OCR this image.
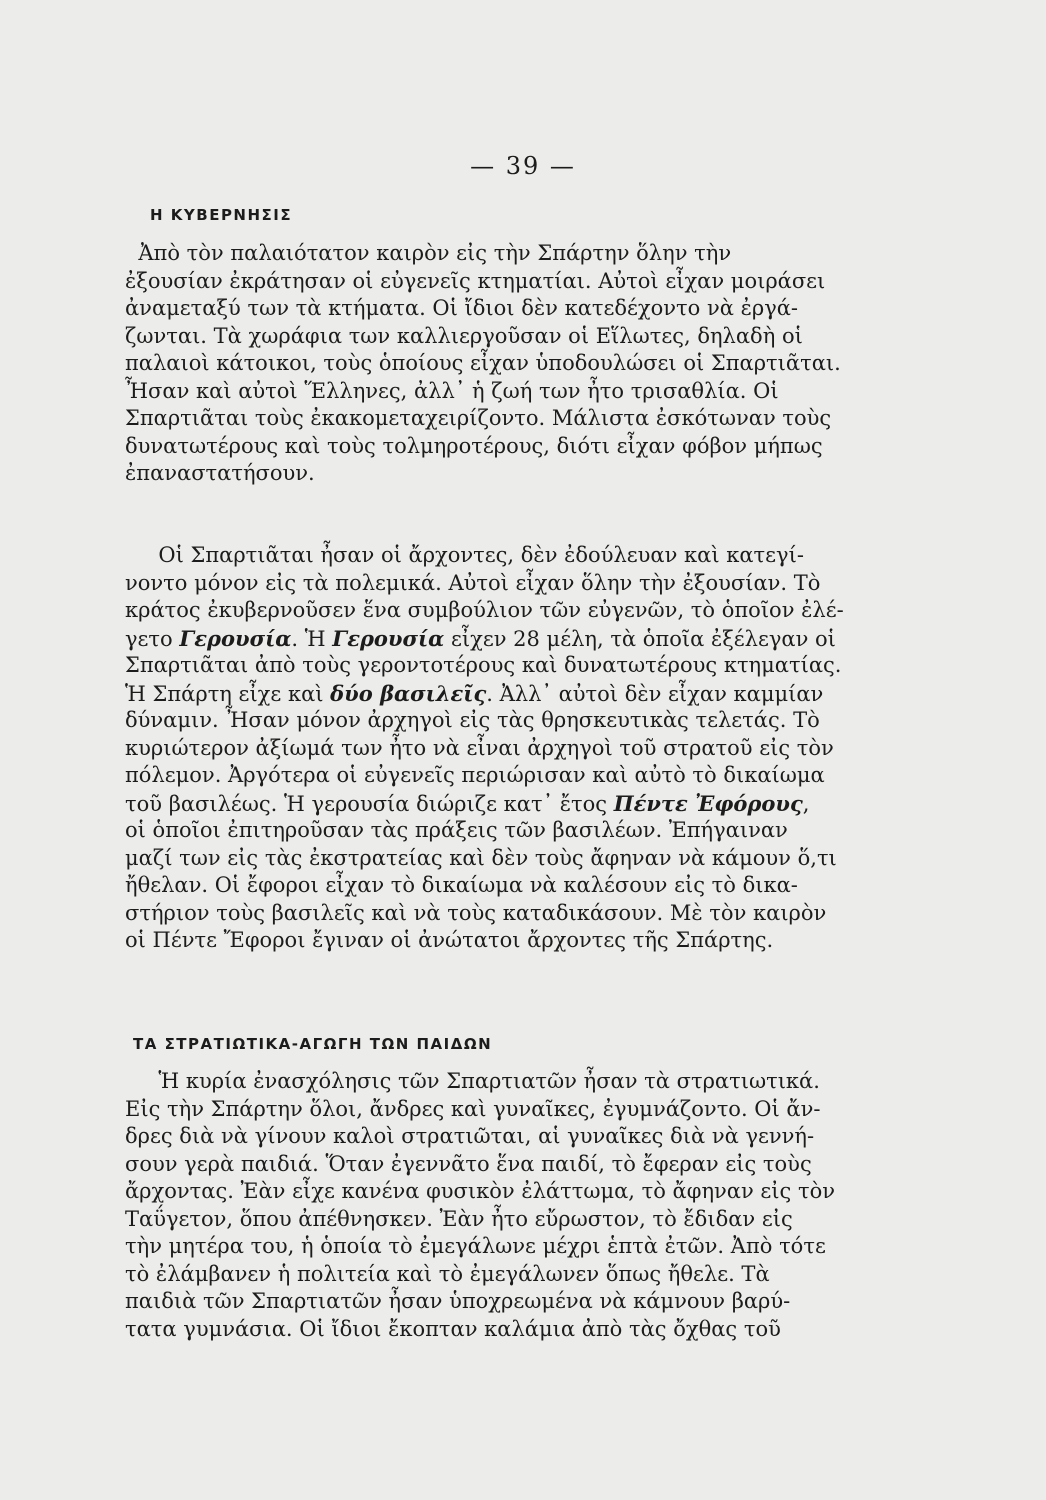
— 39 —
Η ΚΥΒΕΡΝΗΣΙΣ
Ἀπὸ τὸν παλαιότατον καιρὸν εἰς τὴν Σπάρτην ὅλην τὴν
ἐξουσίαν ἐκράτησαν οἱ εὐγενεῖς κτηματίαι. Αὐτοὶ εἶχαν μοιράσει
ἀναμεταξύ των τὰ κτήματα. Οἱ ἴδιοι δὲν κατεδέχοντο νὰ ἐργά-
ζωνται. Τὰ χωράφια των καλλιεργοῦσαν οἱ Εἵλωτες, δηλαδὴ οἱ
παλαιοὶ κάτοικοι, τοὺς ὁποίους εἶχαν ὑποδουλώσει οἱ Σπαρτιᾶται.
Ἦσαν καὶ αὐτοὶ Ἕλληνες, ἀλλ᾽ ἡ ζωή των ἦτο τρισαθλία. Οἱ
Σπαρτιᾶται τοὺς ἐκακομεταχειρίζοντο. Μάλιστα ἐσκότωναν τοὺς
δυνατωτέρους καὶ τοὺς τολμηροτέρους, διότι εἶχαν φόβον μήπως
ἐπαναστατήσουν.
Οἱ Σπαρτιᾶται ἦσαν οἱ ἄρχοντες, δὲν ἐδούλευαν καὶ κατεγί-
νοντο μόνον εἰς τὰ πολεμικά. Αὐτοὶ εἶχαν ὅλην τὴν ἐξουσίαν. Τὸ
κράτος ἐκυβερνοῦσεν ἕνα συμβούλιον τῶν εὐγενῶν, τὸ ὁποῖον ἐλέ-
γετο Γερουσία. Ἡ Γερουσία εἶχεν 28 μέλη, τὰ ὁποῖα ἐξέλεγαν οἱ
Σπαρτιᾶται ἀπὸ τοὺς γεροντοτέρους καὶ δυνατωτέρους κτηματίας.
Ἡ Σπάρτη εἶχε καὶ δύο βασιλεῖς. Ἀλλ᾽ αὐτοὶ δὲν εἶχαν καμμίαν
δύναμιν. Ἦσαν μόνον ἀρχηγοὶ εἰς τὰς θρησκευτικὰς τελετάς. Τὸ
κυριώτερον ἀξίωμά των ἦτο νὰ εἶναι ἀρχηγοὶ τοῦ στρατοῦ εἰς τὸν
πόλεμον. Ἀργότερα οἱ εὐγενεῖς περιώρισαν καὶ αὐτὸ τὸ δικαίωμα
τοῦ βασιλέως. Ἡ γερουσία διώριζε κατ᾽ ἔτος Πέντε Ἐφόρους,
οἱ ὁποῖοι ἐπιτηροῦσαν τὰς πράξεις τῶν βασιλέων. Ἐπήγαιναν
μαζί των εἰς τὰς ἐκστρατείας καὶ δὲν τοὺς ἄφηναν νὰ κάμουν ὅ,τι
ἤθελαν. Οἱ ἔφοροι εἶχαν τὸ δικαίωμα νὰ καλέσουν εἰς τὸ δικα-
στήριον τοὺς βασιλεῖς καὶ νὰ τοὺς καταδικάσουν. Μὲ τὸν καιρὸν
οἱ Πέντε Ἔφοροι ἔγιναν οἱ ἀνώτατοι ἄρχοντες τῆς Σπάρτης.
ΤΑ ΣΤΡΑΤΙΩΤΙΚΑ-ΑΓΩΓΗ ΤΩΝ ΠΑΙΔΩΝ
Ἡ κυρία ἐνασχόλησις τῶν Σπαρτιατῶν ἦσαν τὰ στρατιωτικά.
Εἰς τὴν Σπάρτην ὅλοι, ἄνδρες καὶ γυναῖκες, ἐγυμνάζοντο. Οἱ ἄν-
δρες διὰ νὰ γίνουν καλοὶ στρατιῶται, αἱ γυναῖκες διὰ νὰ γεννή-
σουν γερὰ παιδιά. Ὅταν ἐγεννᾶτο ἕνα παιδί, τὸ ἔφεραν εἰς τοὺς
ἄρχοντας. Ἐὰν εἶχε κανένα φυσικὸν ἐλάττωμα, τὸ ἄφηναν εἰς τὸν
Ταΰγετον, ὅπου ἀπέθνησκεν. Ἐὰν ἦτο εὔρωστον, τὸ ἔδιδαν εἰς
τὴν μητέρα του, ἡ ὁποία τὸ ἐμεγάλωνε μέχρι ἑπτὰ ἐτῶν. Ἀπὸ τότε
τὸ ἐλάμβανεν ἡ πολιτεία καὶ τὸ ἐμεγάλωνεν ὅπως ἤθελε. Τὰ
παιδιὰ τῶν Σπαρτιατῶν ἦσαν ὑποχρεωμένα νὰ κάμνουν βαρύ-
τατα γυμνάσια. Οἱ ἴδιοι ἔκοπταν καλάμια ἀπὸ τὰς ὄχθας τοῦ
